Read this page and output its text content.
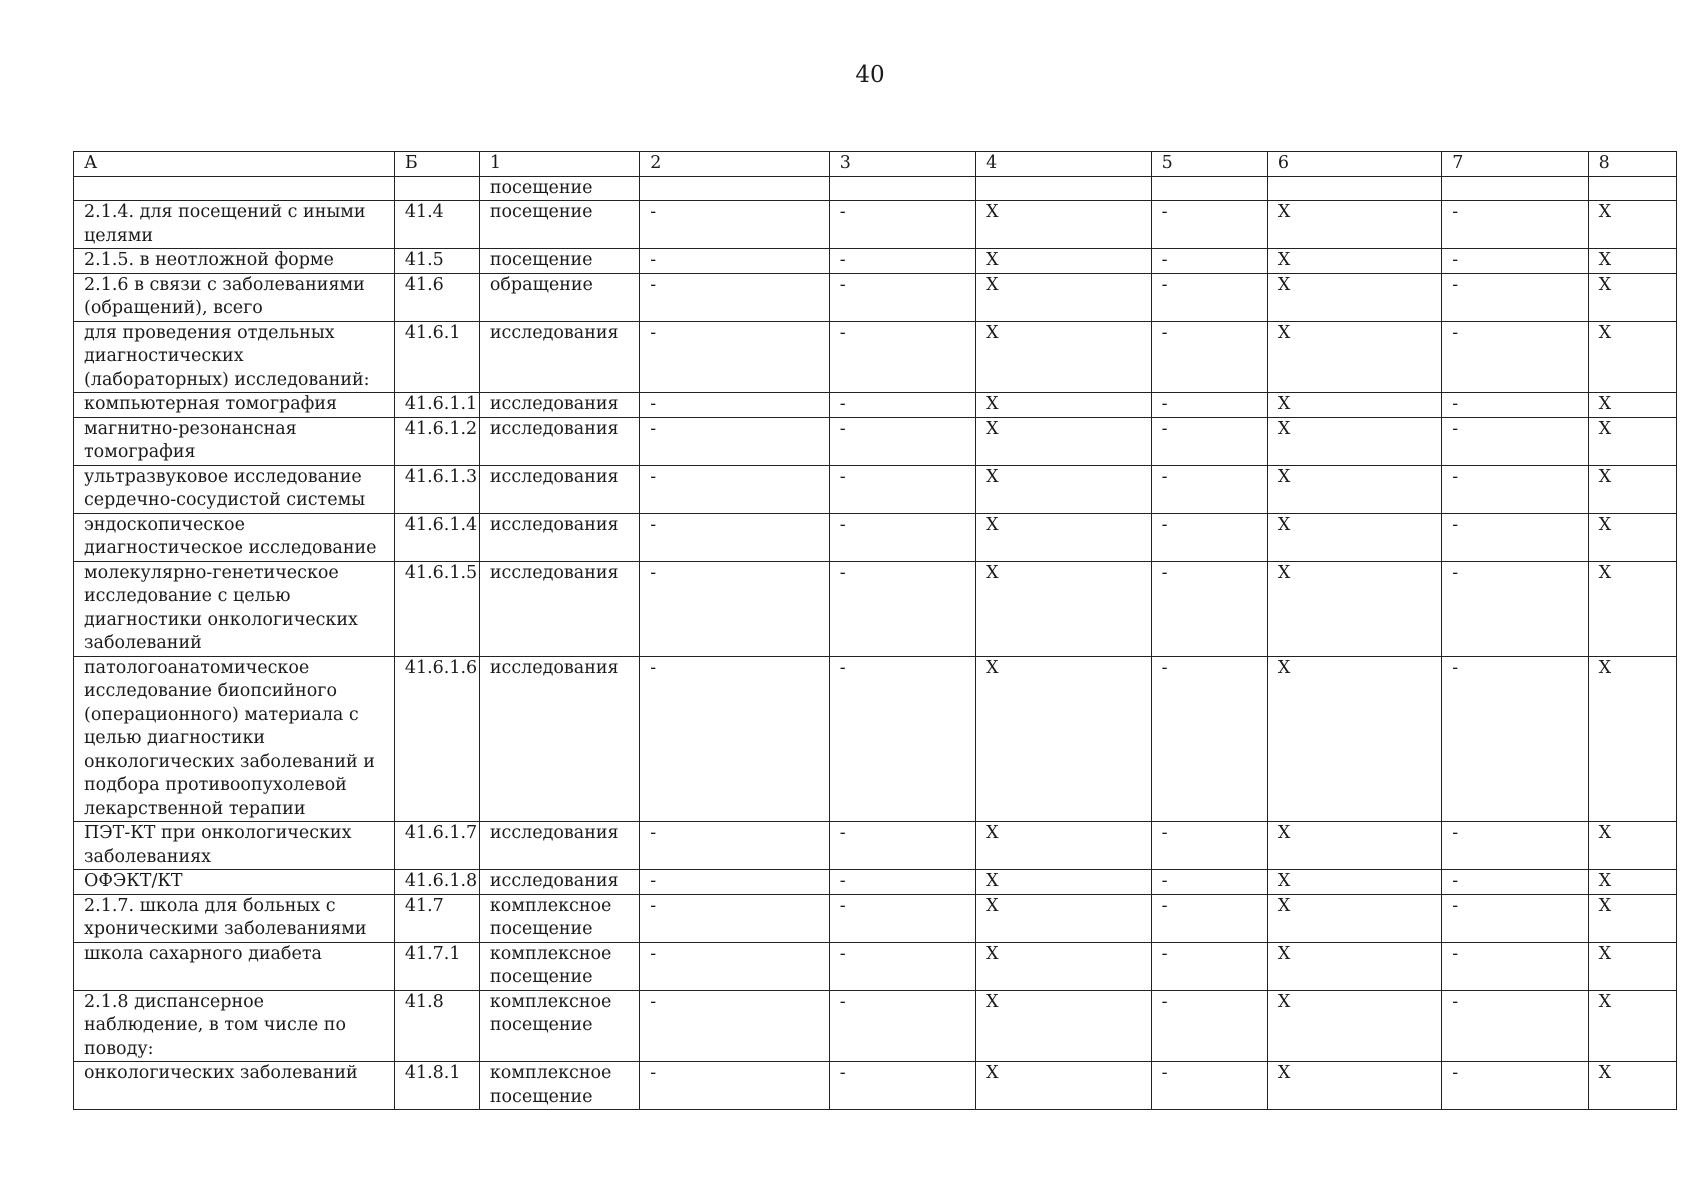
40
А	Б	1	2	3	4	5	6	7	8
		посещение							
2.1.4. для посещений с иными целями	41.4	посещение	-	-	X	-	X	-	X
2.1.5. в неотложной форме	41.5	посещение	-	-	X	-	X	-	X
2.1.6 в связи с заболеваниями (обращений), всего	41.6	обращение	-	-	X	-	X	-	X
для проведения отдельных диагностических (лабораторных) исследований:	41.6.1	исследования	-	-	X	-	X	-	X
компьютерная томография	41.6.1.1	исследования	-	-	X	-	X	-	X
магнитно-резонансная томография	41.6.1.2	исследования	-	-	X	-	X	-	X
ультразвуковое исследование сердечно-сосудистой системы	41.6.1.3	исследования	-	-	X	-	X	-	X
эндоскопическое диагностическое исследование	41.6.1.4	исследования	-	-	X	-	X	-	X
молекулярно-генетическое исследование с целью диагностики онкологических заболеваний	41.6.1.5	исследования	-	-	X	-	X	-	X
патологоанатомическое исследование биопсийного (операционного) материала с целью диагностики онкологических заболеваний и подбора противоопухолевой лекарственной терапии	41.6.1.6	исследования	-	-	X	-	X	-	X
ПЭТ-КТ при онкологических заболеваниях	41.6.1.7	исследования	-	-	X	-	X	-	X
ОФЭКТ/КТ	41.6.1.8	исследования	-	-	X	-	X	-	X
2.1.7. школа для больных с хроническими заболеваниями	41.7	комплексное посещение	-	-	X	-	X	-	X
школа сахарного диабета	41.7.1	комплексное посещение	-	-	X	-	X	-	X
2.1.8 диспансерное наблюдение, в том числе по поводу:	41.8	комплексное посещение	-	-	X	-	X	-	X
онкологических заболеваний	41.8.1	комплексное посещение	-	-	X	-	X	-	X
